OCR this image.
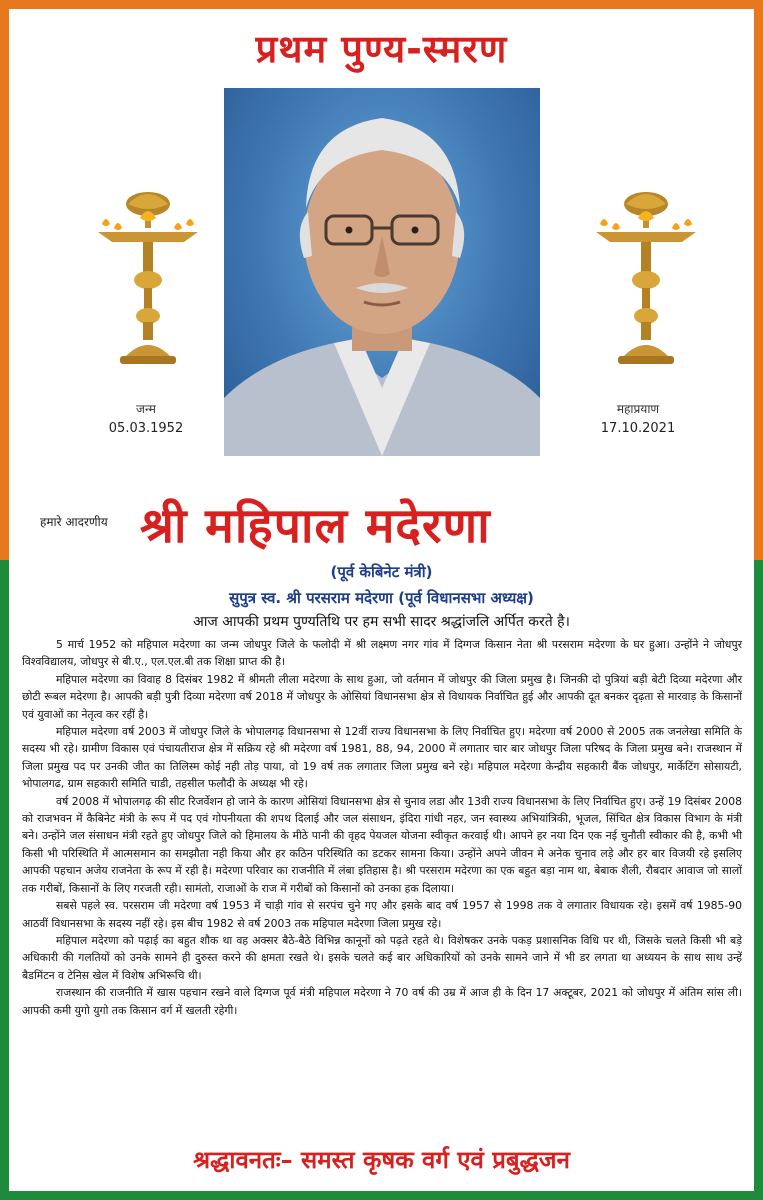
प्रथम पुण्य-स्मरण
जन्म
05.03.1952
महाप्रयाण
17.10.2021
हमारे आदरणीय श्री महिपाल मदेरणा
(पूर्व केबिनेट मंत्री)
सुपुत्र स्व. श्री परसराम मदेरणा (पूर्व विधानसभा अध्यक्ष)
आज आपकी प्रथम पुण्यतिथि पर हम सभी सादर श्रद्धांजलि अर्पित करते है।

5 मार्च 1952 को महिपाल मदेरणा का जन्म जोधपुर जिले के फलोदी में श्री लक्ष्मण नगर गांव में दिग्गज किसान नेता श्री परसराम मदेरणा के घर हुआ। उन्होंने ने जोधपुर विश्वविद्यालय, जोधपुर से बी.ए., एल.एल.बी तक शिक्षा प्राप्त की है।

महिपाल मदेरणा का विवाह 8 दिसंबर 1982 में श्रीमती लीला मदेरणा के साथ हुआ, जो वर्तमान में जोधपुर की जिला प्रमुख है। जिनकी दो पुत्रियां बड़ी बेटी दिव्या मदेरणा और छोटी रूबल मदेरणा है। आपकी बड़ी पुत्री दिव्या मदेरणा वर्ष 2018 में जोधपुर के ओसियां विधानसभा क्षेत्र से विधायक निर्वाचित हुई और आपकी दूत बनकर दृढ़ता से मारवाड़ के किसानों एवं युवाओं का नेतृत्व कर रहीं है।

महिपाल मदेरणा वर्ष 2003 में जोधपुर जिले के भोपालगढ़ विधानसभा से 12वीं राज्य विधानसभा के लिए निर्वाचित हुए। मदेरणा वर्ष 2000 से 2005 तक जनलेखा समिति के सदस्य भी रहे। ग्रामीण विकास एवं पंचायतीराज क्षेत्र में सक्रिय रहे श्री मदेरणा वर्ष 1981, 88, 94, 2000 में लगातार चार बार जोधपुर जिला परिषद के जिला प्रमुख बने। राजस्थान में जिला प्रमुख पद पर उनकी जीत का तिलिस्म कोई नही तोड़ पाया, वो 19 वर्ष तक लगातार जिला प्रमुख बने रहे। महिपाल मदेरणा केन्द्रीय सहकारी बैंक जोधपुर, मार्केटिंग सोसायटी, भोपालगढ, ग्राम सहकारी समिति चाडी, तहसील फलौदी के अध्यक्ष भी रहे।

वर्ष 2008 में भोपालगढ़ की सीट रिजर्वेशन हो जाने के कारण ओसियां विधानसभा क्षेत्र से चुनाव लडा और 13वी राज्य विधानसभा के लिए निर्वाचित हुए। उन्हें 19 दिसंबर 2008 को राजभवन में कैबिनेट मंत्री के रूप में पद एवं गोपनीयता की शपथ दिलाई और जल संसाधन, इंदिरा गांधी नहर, जन स्वास्थ्य अभियांत्रिकी, भूजल, सिंचित क्षेत्र विकास विभाग के मंत्री बने। उन्होंने जल संसाधन मंत्री रहते हुए जोधपुर जिले को हिमालय के मीठे पानी की वृहद पेयजल योजना स्वीकृत करवाई थी। आपने हर नया दिन एक नई चुनौती स्वीकार की है, कभी भी किसी भी परिस्थिति में आत्मसमान का समझौता नही किया और हर कठिन परिस्थिति का डटकर सामना किया। उन्होंने अपने जीवन मे अनेक चुनाव लड़े और हर बार विजयी रहे इसलिए आपकी पहचान अजेय राजनेता के रूप में रही है। मदेरणा परिवार का राजनीति में लंबा इतिहास है। श्री परसराम मदेरणा का एक बहुत बड़ा नाम था, बेबाक शैली, रौबदार आवाज जो सालों तक गरीबों, किसानों के लिए गरजती रही। सामंतो, राजाओं के राज में गरीबों को किसानों को उनका हक दिलाया।

सबसे पहले स्व. परसराम जी मदेरणा वर्ष 1953 में चाड़ी गांव से सरपंच चुने गए और इसके बाद वर्ष 1957 से 1998 तक वे लगातार विधायक रहे। इसमें वर्ष 1985-90 आठवीं विधानसभा के सदस्य नहीं रहे। इस बीच 1982 से वर्ष 2003 तक महिपाल मदेरणा जिला प्रमुख रहे।

महिपाल मदेरणा को पढ़ाई का बहुत शौक था वह अक्सर बैठे-बैठे विभिन्न कानूनों को पढ़ते रहते थे। विशेषकर उनके पकड़ प्रशासनिक विधि पर थी, जिसके चलते किसी भी बड़े अधिकारी की गलतियों को उनके सामने ही दुरुस्त करने की क्षमता रखते थे। इसके चलते कई बार अधिकारियों को उनके सामने जाने में भी डर लगता था अध्ययन के साथ साथ उन्हें बैडमिंटन व टेनिस खेल में विशेष अभिरूचि थी।

राजस्थान की राजनीति में खास पहचान रखने वाले दिग्गज पूर्व मंत्री महिपाल मदेरणा ने 70 वर्ष की उम्र में आज ही के दिन 17 अक्टूबर, 2021 को जोधपुर में अंतिम सांस ली। आपकी कमी युगो युगो तक किसान वर्ग में खलती रहेगी।

श्रद्धावनतः– समस्त कृषक वर्ग एवं प्रबुद्धजन
